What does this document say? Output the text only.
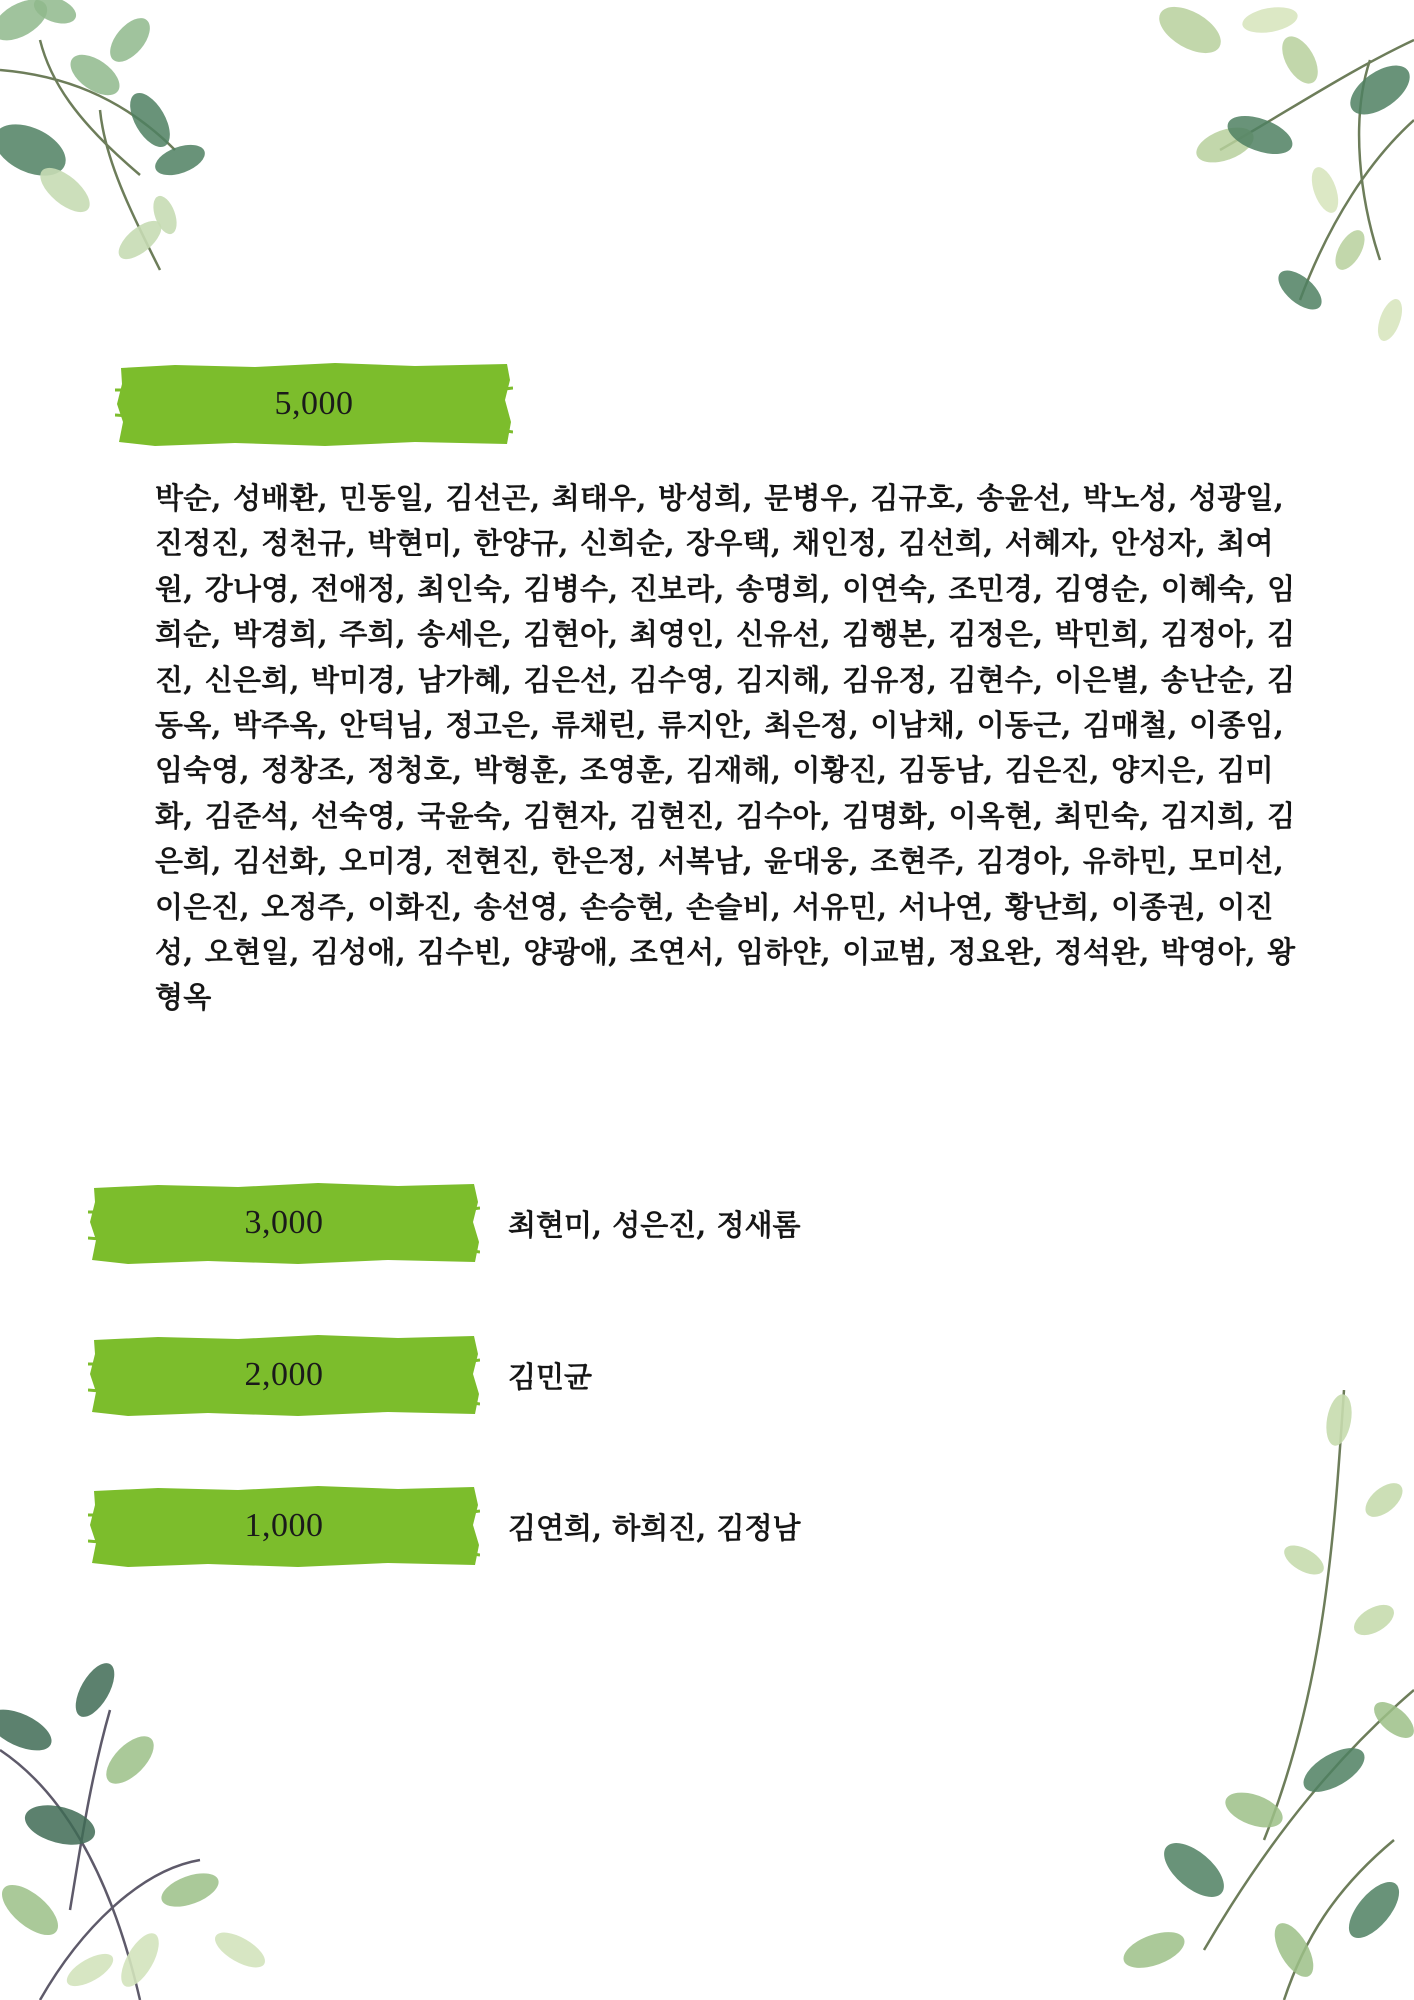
5,000
박순, 성배환, 민동일, 김선곤, 최태우, 방성희, 문병우, 김규호, 송윤선, 박노성, 성광일, 진정진, 정천규, 박현미, 한양규, 신희순, 장우택, 채인정, 김선희, 서혜자, 안성자, 최여원, 강나영, 전애정, 최인숙, 김병수, 진보라, 송명희, 이연숙, 조민경, 김영순, 이혜숙, 임희순, 박경희, 주희, 송세은, 김현아, 최영인, 신유선, 김행본, 김정은, 박민희, 김정아, 김진, 신은희, 박미경, 남가혜, 김은선, 김수영, 김지해, 김유정, 김현수, 이은별, 송난순, 김동옥, 박주옥, 안덕님, 정고은, 류채린, 류지안, 최은정, 이남채, 이동근, 김매철, 이종임, 임숙영, 정창조, 정청호, 박형훈, 조영훈, 김재해, 이황진, 김동남, 김은진, 양지은, 김미화, 김준석, 선숙영, 국윤숙, 김현자, 김현진, 김수아, 김명화, 이옥현, 최민숙, 김지희, 김은희, 김선화, 오미경, 전현진, 한은정, 서복남, 윤대웅, 조현주, 김경아, 유하민, 모미선, 이은진, 오정주, 이화진, 송선영, 손승현, 손슬비, 서유민, 서나연, 황난희, 이종권, 이진성, 오현일, 김성애, 김수빈, 양광애, 조연서, 임하얀, 이교범, 정요완, 정석완, 박영아, 왕형옥
3,000	최현미, 성은진, 정새롬
2,000	김민균
1,000	김연희, 하희진, 김정남
